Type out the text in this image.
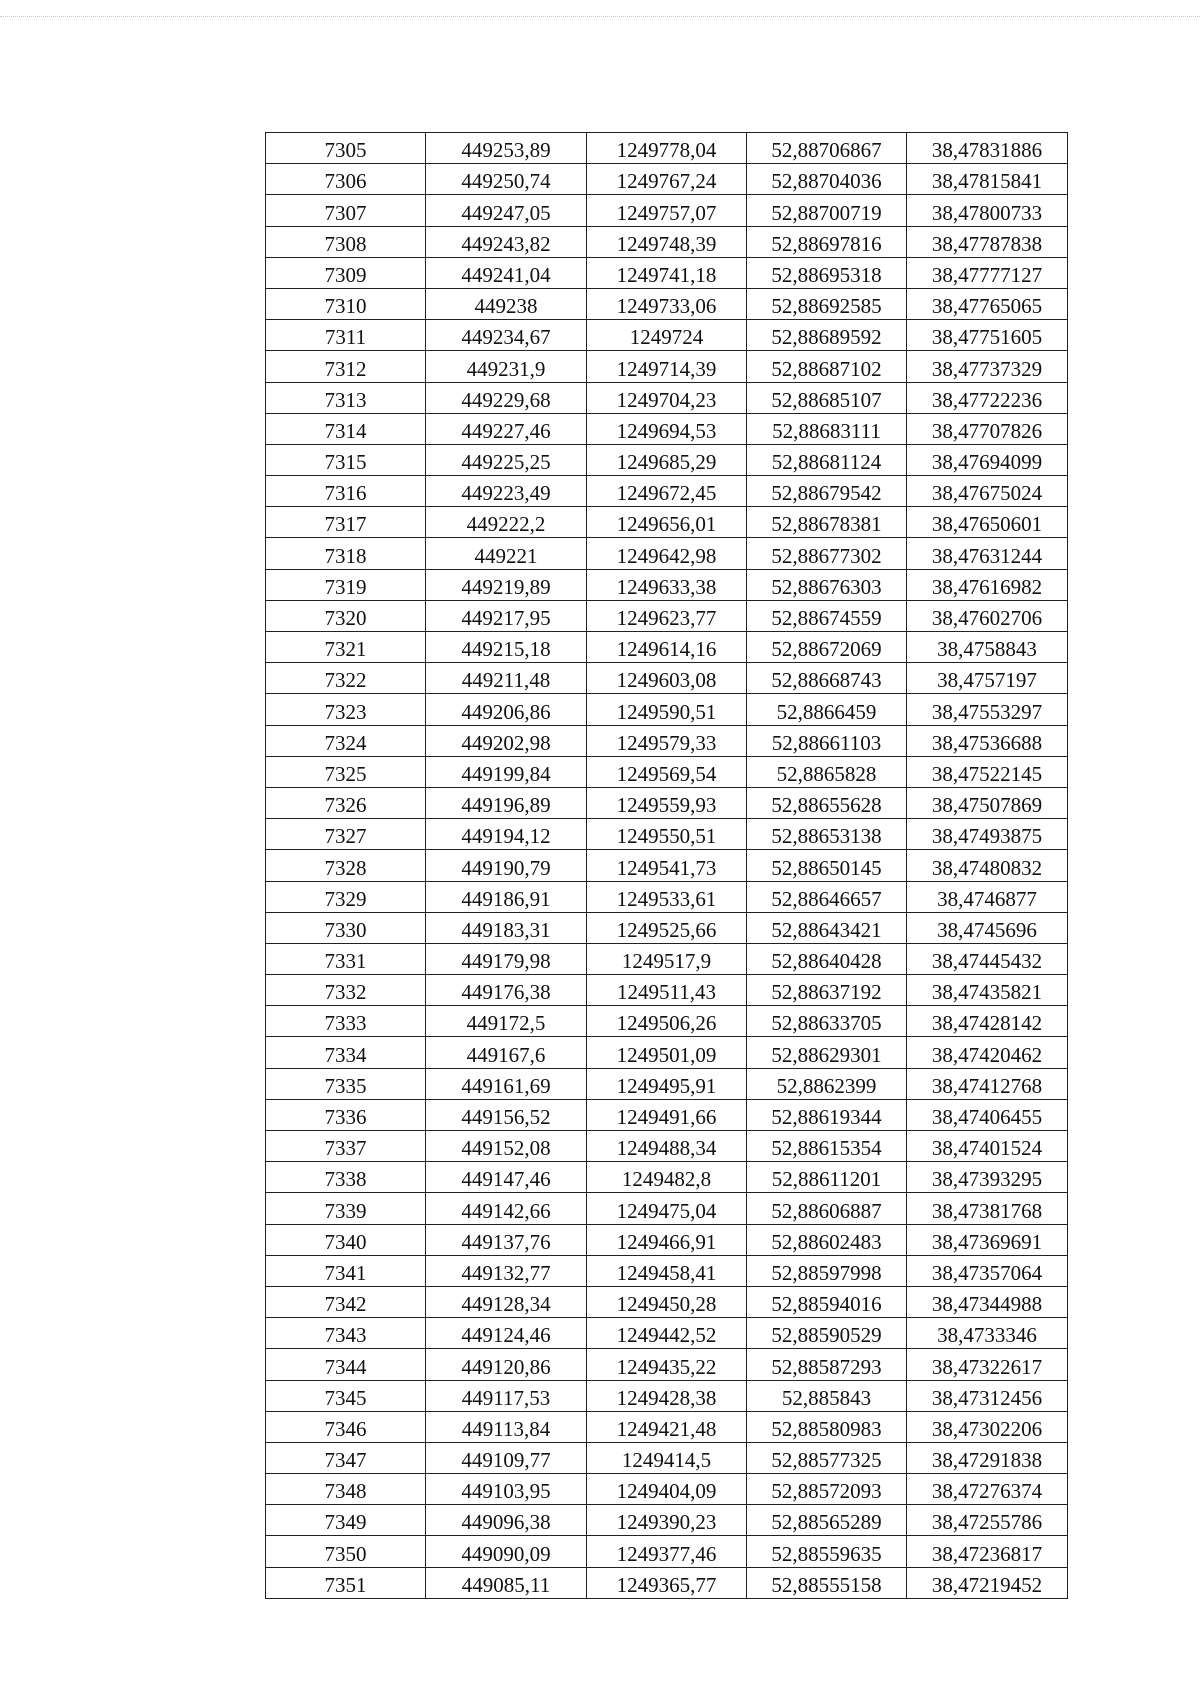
7305	449253,89	1249778,04	52,88706867	38,47831886
7306	449250,74	1249767,24	52,88704036	38,47815841
7307	449247,05	1249757,07	52,88700719	38,47800733
7308	449243,82	1249748,39	52,88697816	38,47787838
7309	449241,04	1249741,18	52,88695318	38,47777127
7310	449238	1249733,06	52,88692585	38,47765065
7311	449234,67	1249724	52,88689592	38,47751605
7312	449231,9	1249714,39	52,88687102	38,47737329
7313	449229,68	1249704,23	52,88685107	38,47722236
7314	449227,46	1249694,53	52,88683111	38,47707826
7315	449225,25	1249685,29	52,88681124	38,47694099
7316	449223,49	1249672,45	52,88679542	38,47675024
7317	449222,2	1249656,01	52,88678381	38,47650601
7318	449221	1249642,98	52,88677302	38,47631244
7319	449219,89	1249633,38	52,88676303	38,47616982
7320	449217,95	1249623,77	52,88674559	38,47602706
7321	449215,18	1249614,16	52,88672069	38,4758843
7322	449211,48	1249603,08	52,88668743	38,4757197
7323	449206,86	1249590,51	52,8866459	38,47553297
7324	449202,98	1249579,33	52,88661103	38,47536688
7325	449199,84	1249569,54	52,8865828	38,47522145
7326	449196,89	1249559,93	52,88655628	38,47507869
7327	449194,12	1249550,51	52,88653138	38,47493875
7328	449190,79	1249541,73	52,88650145	38,47480832
7329	449186,91	1249533,61	52,88646657	38,4746877
7330	449183,31	1249525,66	52,88643421	38,4745696
7331	449179,98	1249517,9	52,88640428	38,47445432
7332	449176,38	1249511,43	52,88637192	38,47435821
7333	449172,5	1249506,26	52,88633705	38,47428142
7334	449167,6	1249501,09	52,88629301	38,47420462
7335	449161,69	1249495,91	52,8862399	38,47412768
7336	449156,52	1249491,66	52,88619344	38,47406455
7337	449152,08	1249488,34	52,88615354	38,47401524
7338	449147,46	1249482,8	52,88611201	38,47393295
7339	449142,66	1249475,04	52,88606887	38,47381768
7340	449137,76	1249466,91	52,88602483	38,47369691
7341	449132,77	1249458,41	52,88597998	38,47357064
7342	449128,34	1249450,28	52,88594016	38,47344988
7343	449124,46	1249442,52	52,88590529	38,4733346
7344	449120,86	1249435,22	52,88587293	38,47322617
7345	449117,53	1249428,38	52,885843	38,47312456
7346	449113,84	1249421,48	52,88580983	38,47302206
7347	449109,77	1249414,5	52,88577325	38,47291838
7348	449103,95	1249404,09	52,88572093	38,47276374
7349	449096,38	1249390,23	52,88565289	38,47255786
7350	449090,09	1249377,46	52,88559635	38,47236817
7351	449085,11	1249365,77	52,88555158	38,47219452
